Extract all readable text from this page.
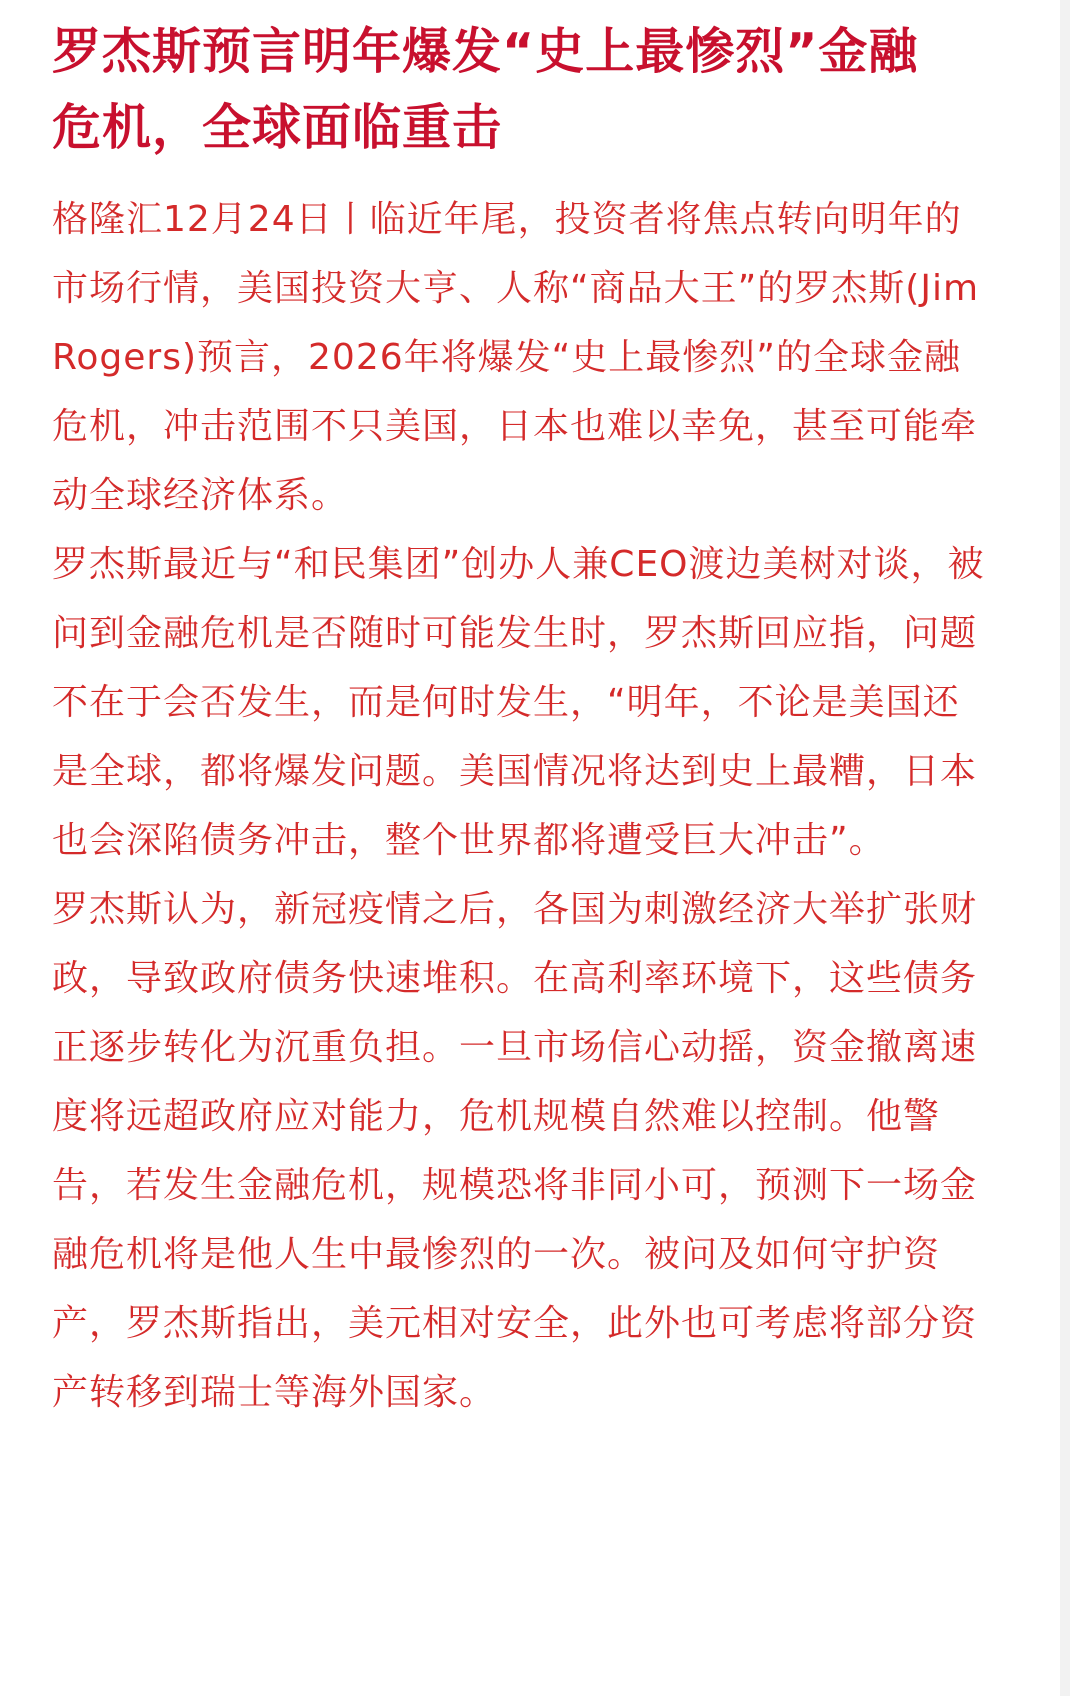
罗杰斯预言明年爆发“史上最惨烈”金融危机，全球面临重击

格隆汇12月24日丨临近年尾，投资者将焦点转向明年的市场行情，美国投资大亨、人称“商品大王”的罗杰斯(Jim Rogers)预言，2026年将爆发“史上最惨烈”的全球金融危机，冲击范围不只美国，日本也难以幸免，甚至可能牵动全球经济体系。

罗杰斯最近与“和民集团”创办人兼CEO渡边美树对谈，被问到金融危机是否随时可能发生时，罗杰斯回应指，问题不在于会否发生，而是何时发生，“明年，不论是美国还是全球，都将爆发问题。美国情况将达到史上最糟，日本也会深陷债务冲击，整个世界都将遭受巨大冲击”。

罗杰斯认为，新冠疫情之后，各国为刺激经济大举扩张财政，导致政府债务快速堆积。在高利率环境下，这些债务正逐步转化为沉重负担。一旦市场信心动摇，资金撤离速度将远超政府应对能力，危机规模自然难以控制。他警告，若发生金融危机，规模恐将非同小可，预测下一场金融危机将是他人生中最惨烈的一次。被问及如何守护资产，罗杰斯指出，美元相对安全，此外也可考虑将部分资产转移到瑞士等海外国家。
